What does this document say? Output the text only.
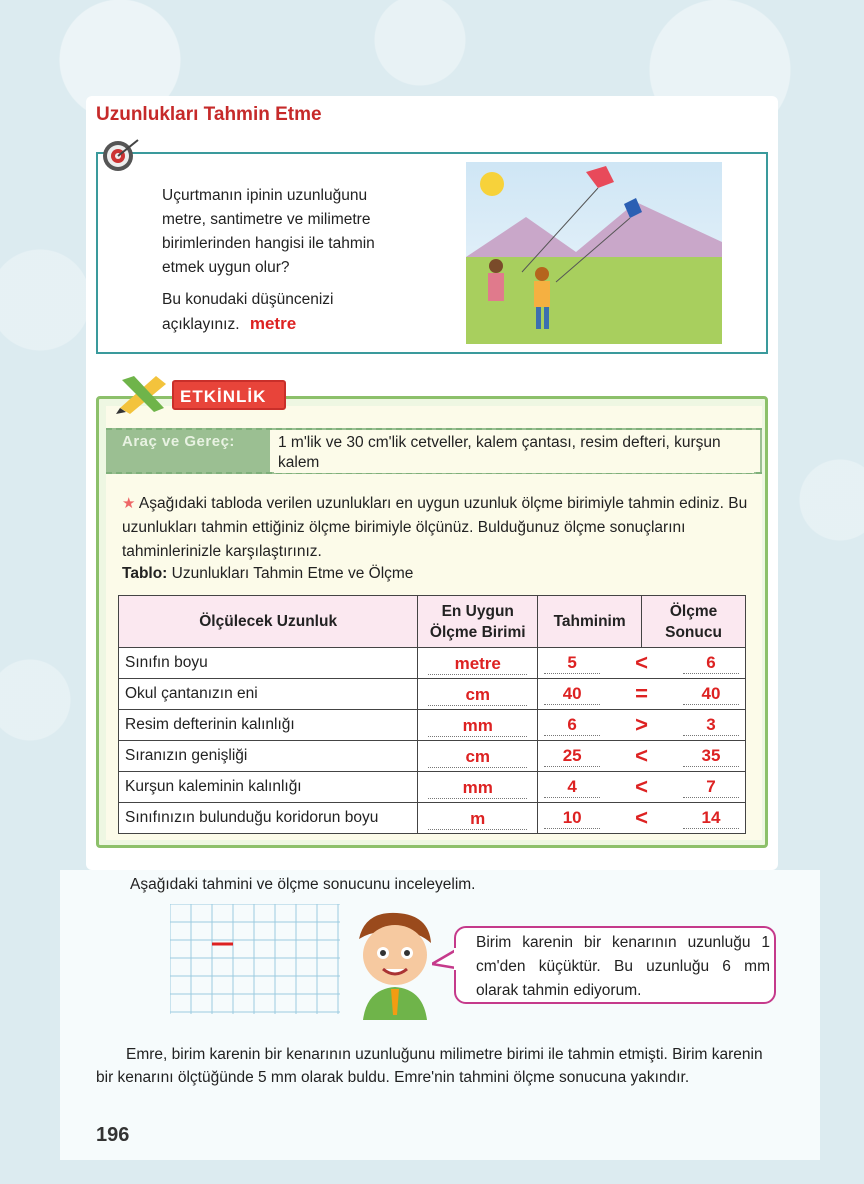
Uzunlukları Tahmin Etme

Uçurtmanın ipinin uzunluğunu metre, santimetre ve milimetre birimlerinden hangisi ile tahmin etmek uygun olur?

Bu konudaki düşüncenizi açıklayınız. metre

ETKİNLİK
Araç ve Gereç:	1 m'lik ve 30 cm'lik cetveller, kalem çantası, resim defteri, kurşun kalem
★ Aşağıdaki tabloda verilen uzunlukları en uygun uzunluk ölçme birimiyle tahmin ediniz. Bu uzunlukları tahmin ettiğiniz ölçme birimiyle ölçünüz. Bulduğunuz ölçme sonuçlarını tahminlerinizle karşılaştırınız.
Tablo: Uzunlukları Tahmin Etme ve Ölçme
Ölçülecek Uzunluk	En Uygun Ölçme Birimi	Tahminim	Ölçme Sonucu
Sınıfın boyu	metre	5 < 6	

Okul çantanızın eni	cm	40 = 40	

Resim defterinin kalınlığı	mm	6 > 3	

Sıranızın genişliği	cm	25 < 35	

Kurşun kaleminin kalınlığı	mm	4 < 7	

Sınıfınızın bulunduğu koridorun boyu	m	10 < 14	
Aşağıdaki tahmini ve ölçme sonucunu inceleyelim.
Birim karenin bir kenarının uzunluğu 1 cm'den küçüktür. Bu uzunluğu 6 mm olarak tahmin ediyorum.
Emre, birim karenin bir kenarının uzunluğunu milimetre birimi ile tahmin etmişti. Birim karenin bir kenarını ölçtüğünde 5 mm olarak buldu. Emre'nin tahmini ölçme sonucuna yakındır.
196
